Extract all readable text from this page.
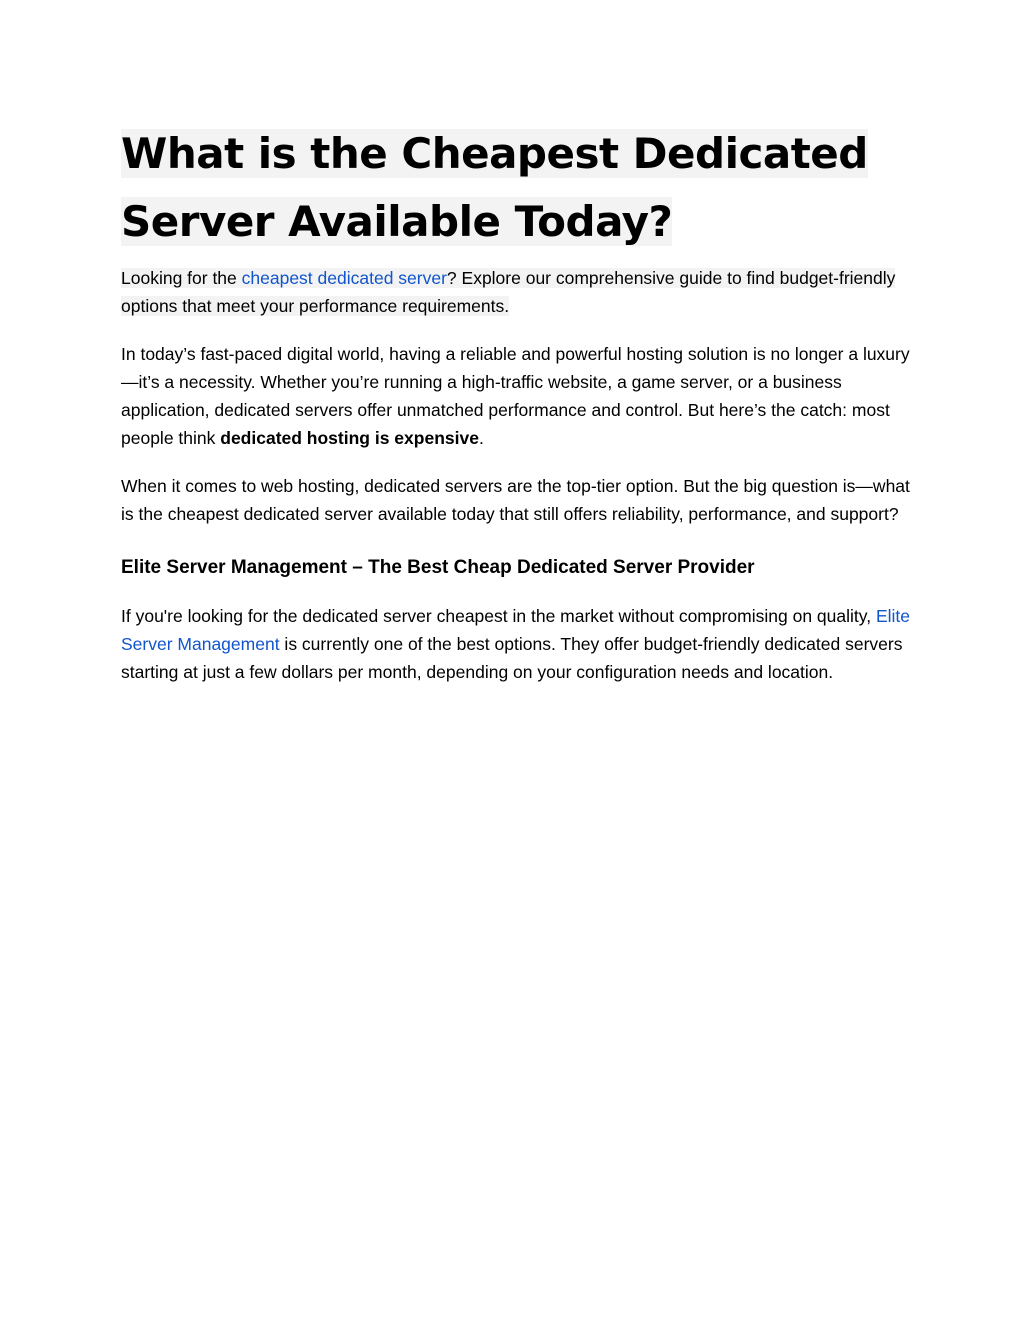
What is the Cheapest Dedicated
Server Available Today?

Looking for the cheapest dedicated server? Explore our comprehensive guide to find budget-friendly options that meet your performance requirements.

In today’s fast-paced digital world, having a reliable and powerful hosting solution is no longer a luxury—it’s a necessity. Whether you’re running a high-traffic website, a game server, or a business application, dedicated servers offer unmatched performance and control. But here’s the catch: most people think dedicated hosting is expensive.

When it comes to web hosting, dedicated servers are the top-tier option. But the big question is—what is the cheapest dedicated server available today that still offers reliability, performance, and support?

Elite Server Management – The Best Cheap Dedicated Server Provider

If you're looking for the dedicated server cheapest in the market without compromising on quality, Elite Server Management is currently one of the best options. They offer budget-friendly dedicated servers starting at just a few dollars per month, depending on your configuration needs and location.
